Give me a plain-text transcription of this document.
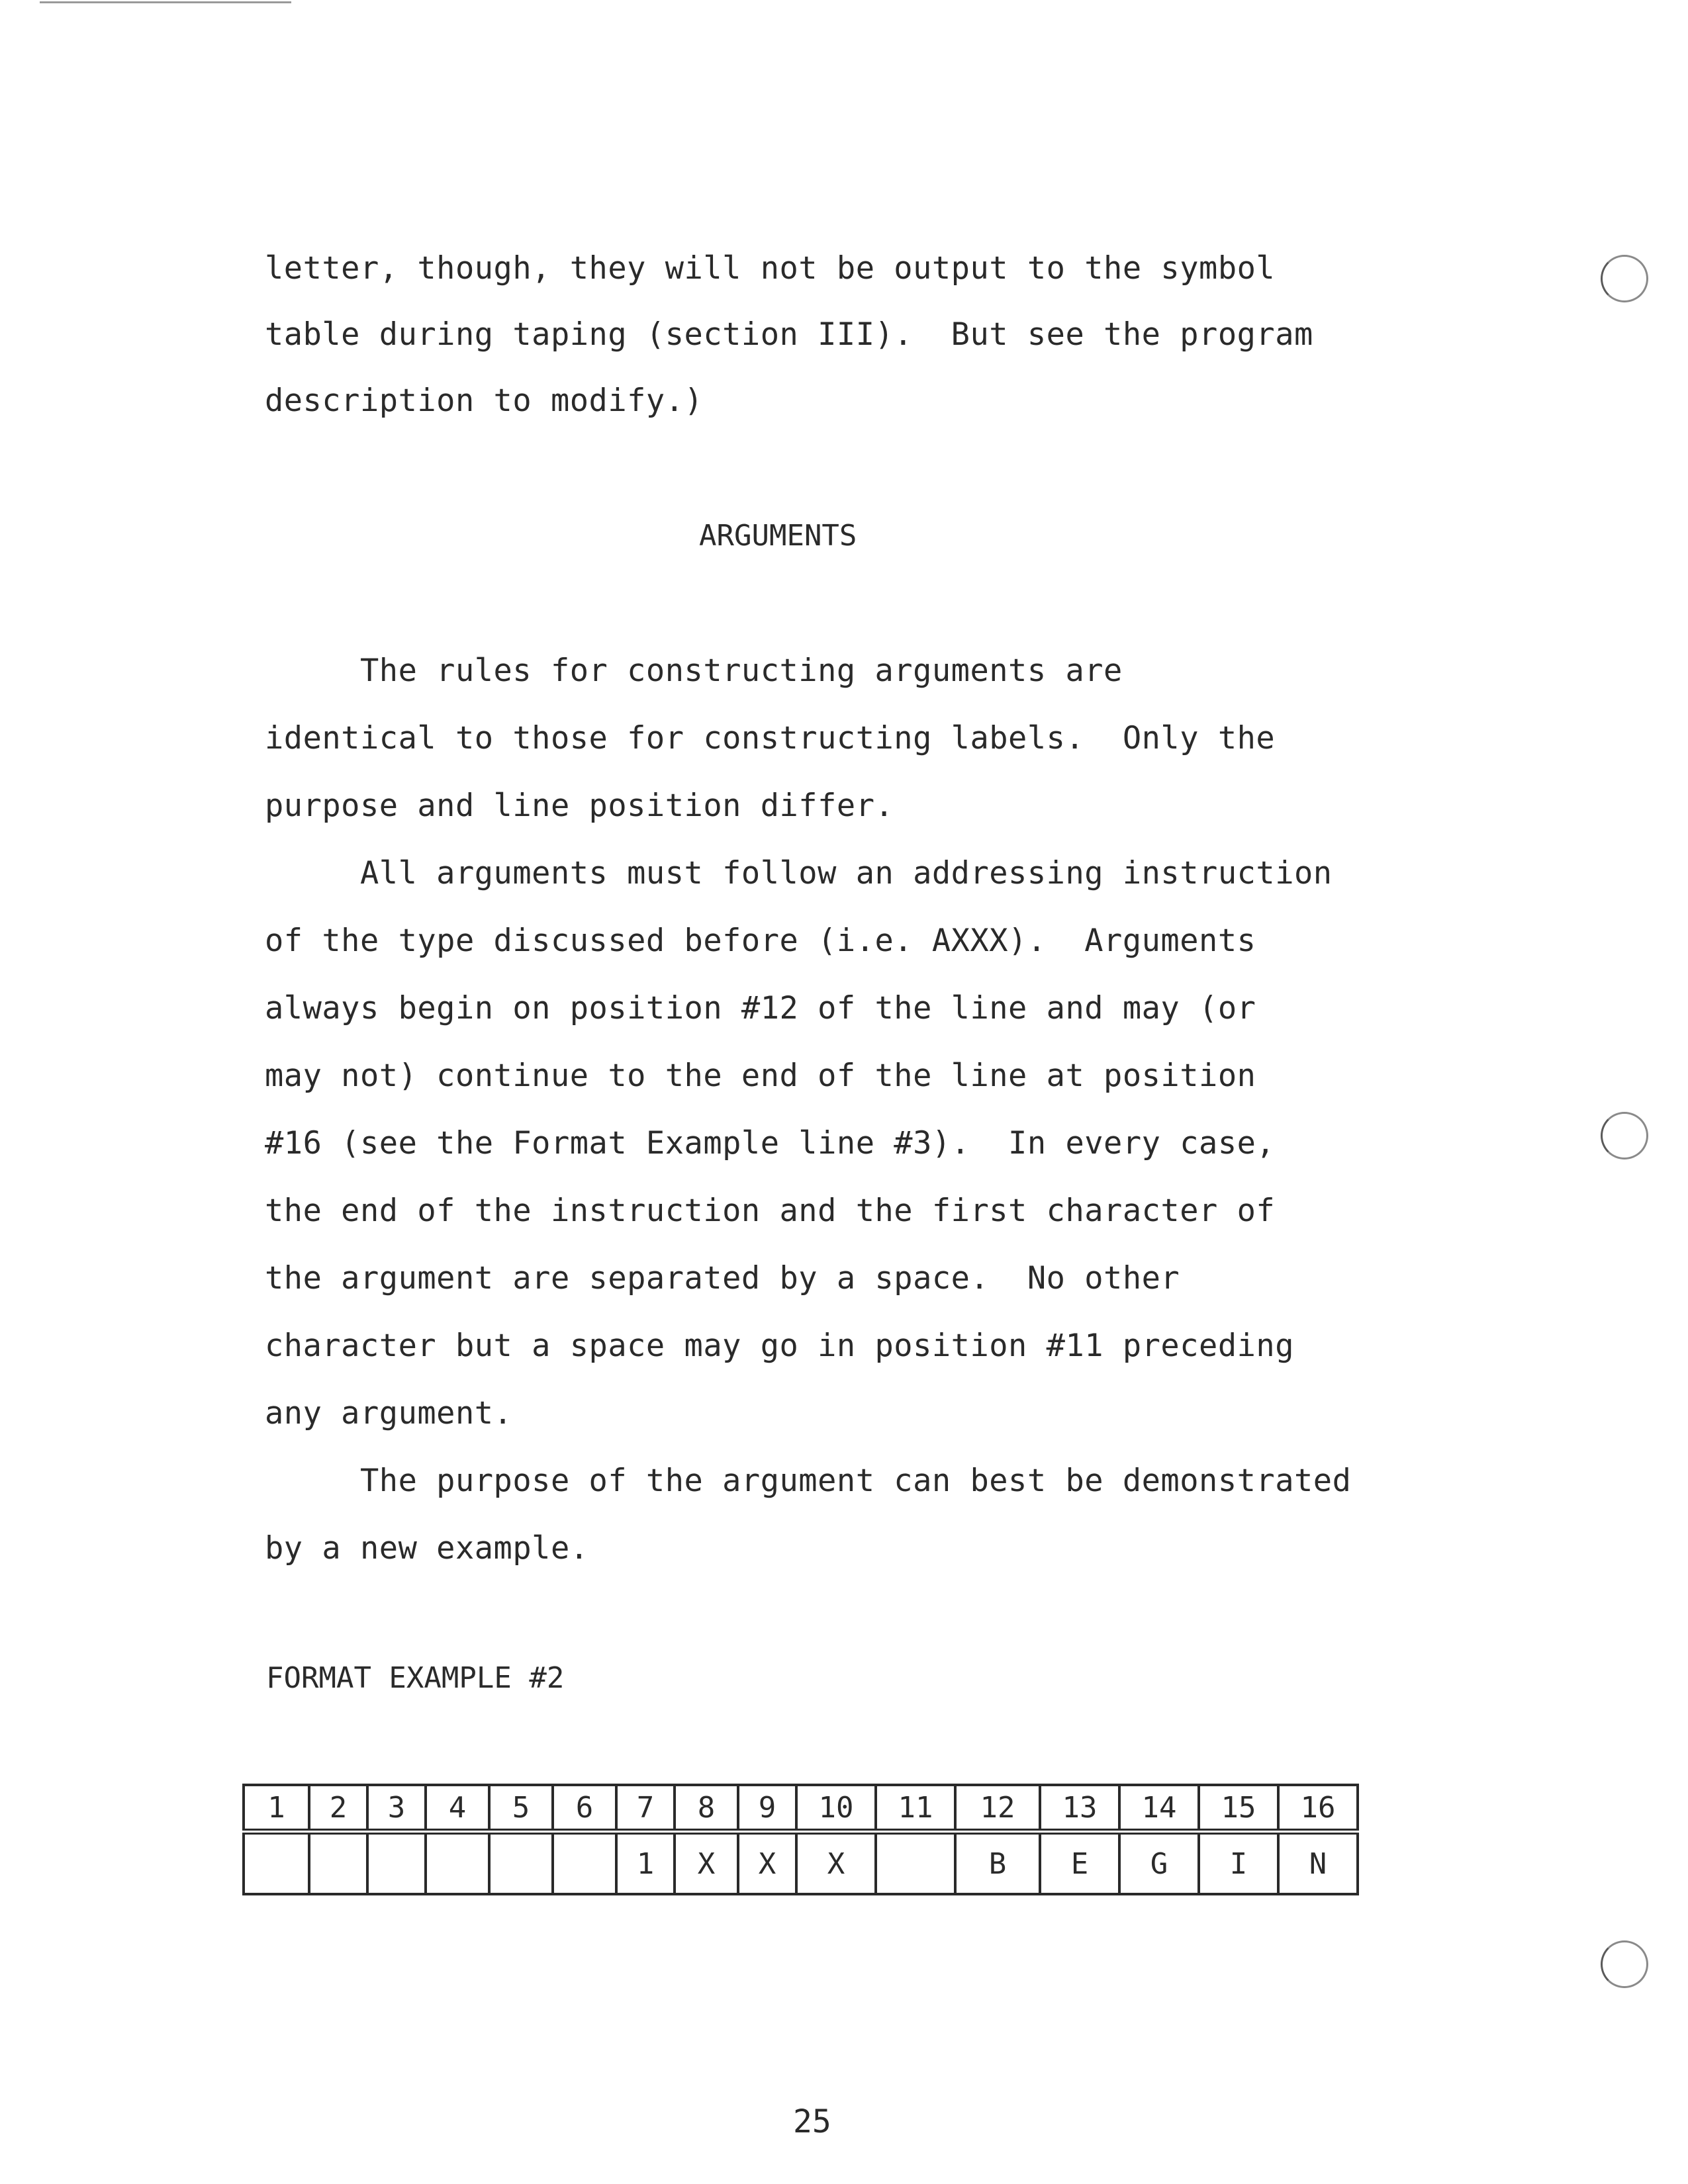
letter, though, they will not be output to the symbol
table during taping (section III).  But see the program
description to modify.)
ARGUMENTS
The rules for constructing arguments are
identical to those for constructing labels.  Only the
purpose and line position differ.
All arguments must follow an addressing instruction
of the type discussed before (i.e. AXXX).  Arguments
always begin on position #12 of the line and may (or
may not) continue to the end of the line at position
#16 (see the Format Example line #3).  In every case,
the end of the instruction and the first character of
the argument are separated by a space.  No other
character but a space may go in position #11 preceding
any argument.
The purpose of the argument can best be demonstrated
by a new example.
FORMAT EXAMPLE #2
1	2	3	4	5	6	7	8	9	10	11	12	13	14	15	16
						1	X	X	X		B	E	G	I	N
25
